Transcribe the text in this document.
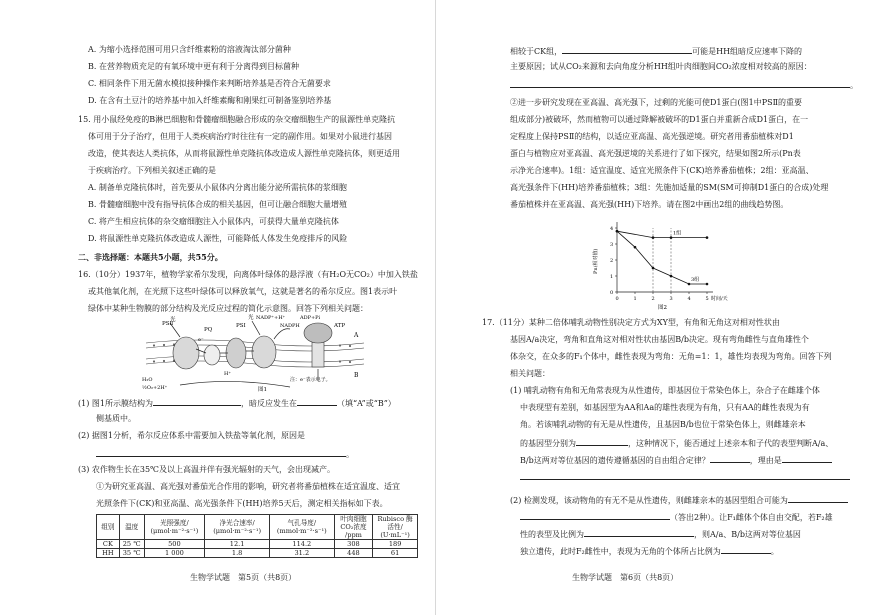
A. 为缩小选择范围可用只含纤维素粉的溶液淘汰部分菌种
B. 在营养物质充足的有氧环境中更有利于分离得到目标菌种
C. 相同条件下用无菌水模拟接种操作来判断培养基是否符合无菌要求
D. 在含有土豆汁的培养基中加入纤维素酶和刚果红可制备鉴别培养基
15. 用小鼠经免疫的B淋巴细胞和骨髓瘤细胞融合形成的杂交瘤细胞生产的鼠源性单克隆抗
体可用于分子治疗，但用于人类疾病治疗时往往有一定的副作用。如果对小鼠进行基因
改造，使其表达人类抗体，从而将鼠源性单克隆抗体改造成人源性单克隆抗体，则更适用
于疾病治疗。下列相关叙述正确的是
A. 制备单克隆抗体时，首先要从小鼠体内分离出能分泌所需抗体的浆细胞
B. 骨髓瘤细胞中没有指导抗体合成的相关基因，但可让融合细胞大量增殖
C. 将产生相应抗体的杂交瘤细胞注入小鼠体内，可获得大量单克隆抗体
D. 将鼠源性单克隆抗体改造成人源性，可能降低人体发生免疫排斥的风险
二、非选择题：本题共5小题，共55分。
16.（10分）1937年，植物学家希尔发现，向离体叶绿体的悬浮液（有H₂O无CO₂）中加入铁盐
或其他氧化剂，在光照下这些叶绿体可以释放氧气，这就是著名的希尔反应。图1表示叶
绿体中某种生物膜的部分结构及光反应过程的简化示意图。回答下列相关问题：
PSⅡ
光	光
PSⅠ
NADP⁺+H⁺
NADPH
ADP+Pi
ATP
A
B
PQ
e⁻
H⁺
H₂O
½O₂+2H⁺
注：e⁻表示电子。
图1
(1) 图1所示膜结构为	，暗反应发生在	（填“A”或“B”）
侧基质中。
(2) 据图1分析，希尔反应体系中需要加入铁盐等氧化剂，原因是
。
(3) 农作物生长在35℃及以上高温并伴有强光辐射的天气，会出现减产。
①为研究亚高温、高光强对番茄光合作用的影响，研究者将番茄植株在适宜温度、适宜
光照条件下(CK)和亚高温、高光强条件下(HH)培养5天后，测定相关指标如下表。
组别	温度	光照强度/ (μmol·m⁻²·s⁻¹)	净光合速率/ (μmol·m⁻²·s⁻¹)	气孔导度/ (mmol·m⁻²·s⁻¹)	叶肉细胞 CO₂浓度 /ppm	Rubisco 酶活性/ (U·mL⁻¹)
CK	25 ℃	500	12.1	114.2	308	189
HH	35 ℃	1 000	1.8	31.2	448	61
生物学试题　第5页（共8页）
相较于CK组，	可能是HH组暗反应速率下降的
主要原因；试从CO₂来源和去向角度分析HH组叶肉细胞间CO₂浓度相对较高的原因：
。
②进一步研究发现在亚高温、高光强下，过剩的光能可使D1蛋白(图1中PSⅡ的重要
组成部分)被破坏，然而植物可以通过降解被破坏的D1蛋白并重新合成D1蛋白，在一
定程度上保持PSⅡ的结构，以适应亚高温、高光强逆境。研究者用番茄植株对D1
蛋白与植物应对亚高温、高光强逆境的关系进行了如下探究，结果如图2所示(Pn表
示净光合速率)。1组：适宜温度、适宜光照条件下(CK)培养番茄植株；2组：亚高温、
高光强条件下(HH)培养番茄植株；3组：先施加适量的SM(SM可抑制D1蛋白的合成)处理
番茄植株并在亚高温、高光强(HH)下培养。请在图2中画出2组的曲线趋势图。
0
1
2
3
4
0	1	2	3	4	5
Pn(相对值)
时间/天
图2
1组
3组
17.（11分）某种二倍体哺乳动物性别决定方式为XY型，有角和无角这对相对性状由
基因A/a决定，弯角和直角这对相对性状由基因B/b决定。现有弯角雌性与直角雄性个
体杂交，在众多的F₁个体中，雌性表现为弯角：无角=1：1，雄性均表现为弯角。回答下列
相关问题：
(1) 哺乳动物有角和无角常表现为从性遗传，即基因位于常染色体上，杂合子在雌雄个体
中表现型有差别，如基因型为AA和Aa的雄性表现为有角，只有AA的雌性表现为有
角。若该哺乳动物的有无是从性遗传，且基因B/b也位于常染色体上，则雌雄亲本
的基因型分别为	，这种情况下，能否通过上述亲本和子代的表型判断A/a、
B/b这两对等位基因的遗传遵循基因的自由组合定律？	，理由是
(2) 检测发现，该动物角的有无不是从性遗传，则雌雄亲本的基因型组合可能为
（答出2种）。让F₁雌体个体自由交配，若F₂雄
性的表型及比例为	，则A/a、B/b这两对等位基因
独立遗传，此时F₂雌性中，表现为无角的个体所占比例为	。
生物学试题　第6页（共8页）
